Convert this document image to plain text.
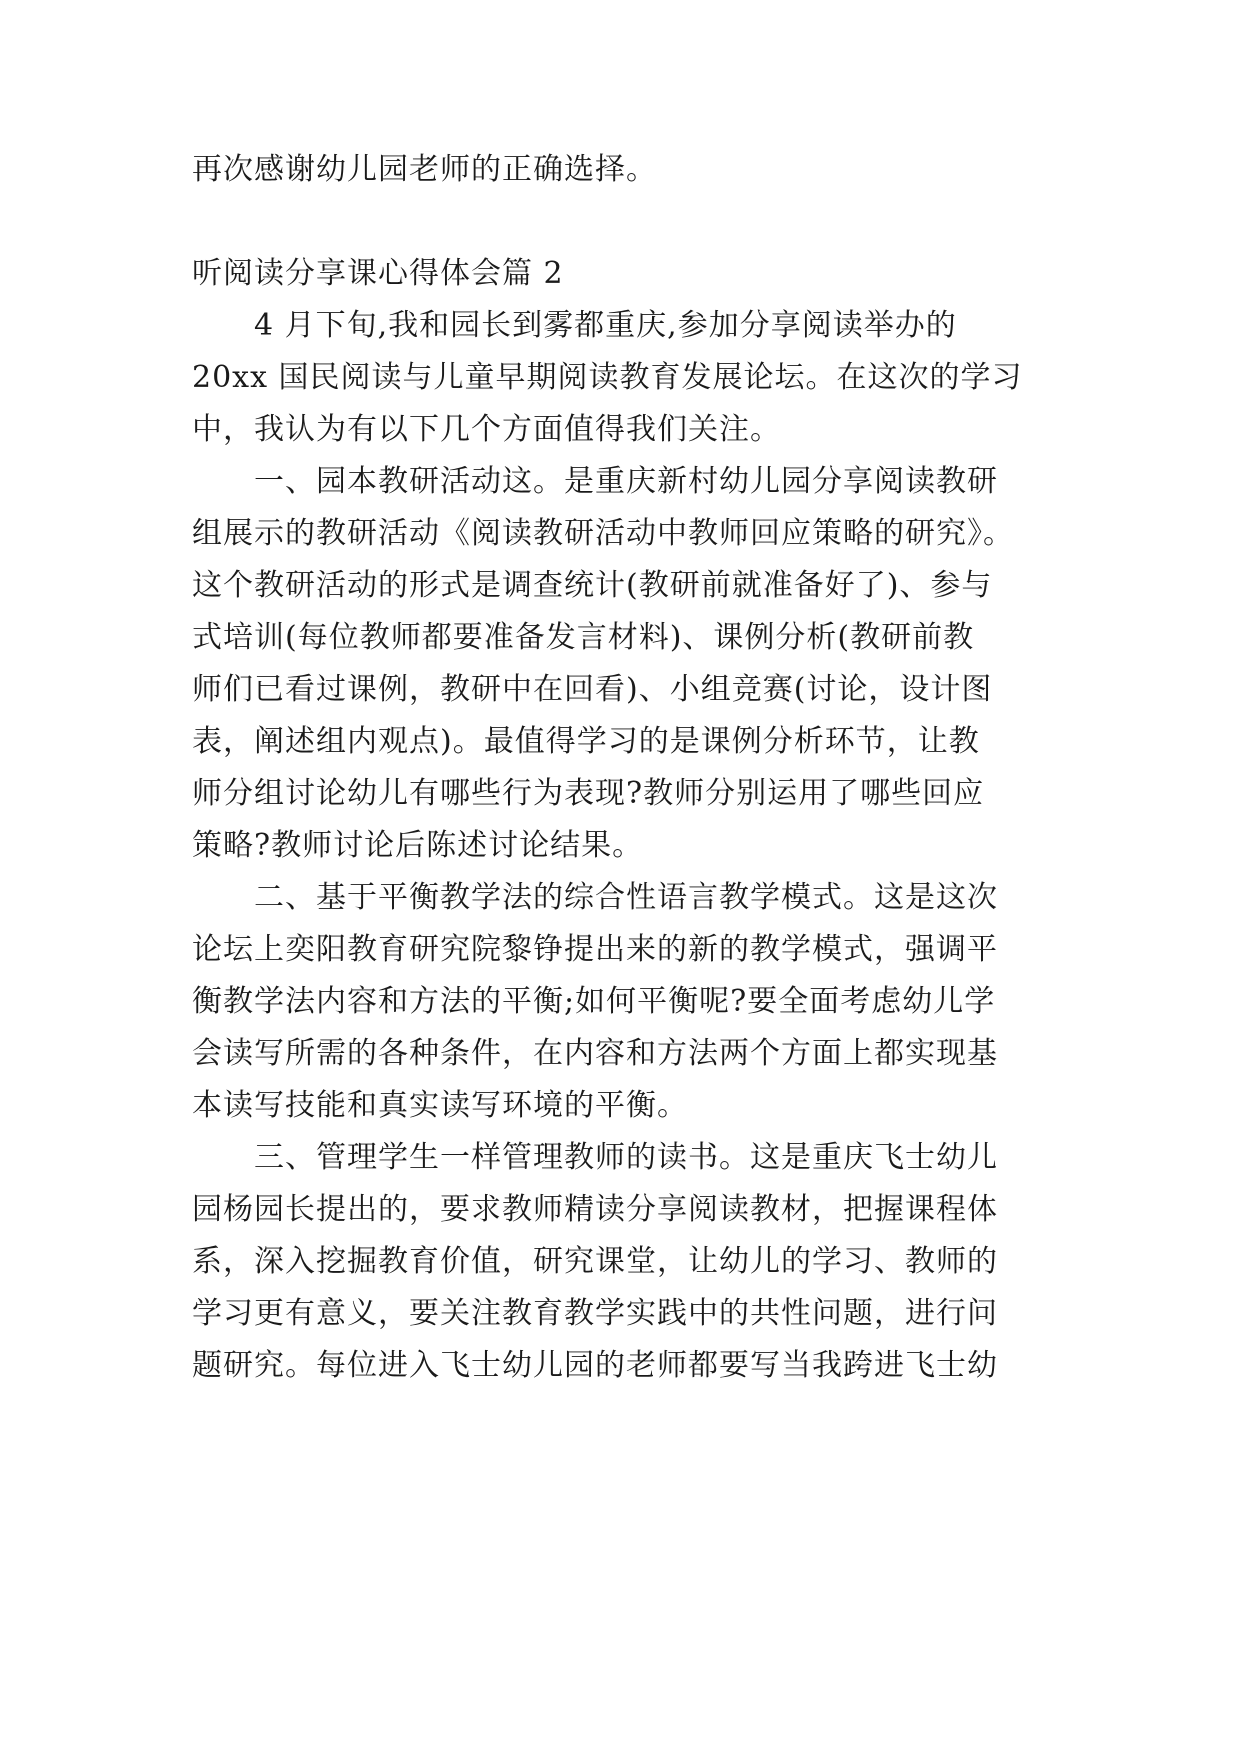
再次感谢幼儿园老师的正确选择。
听阅读分享课心得体会篇 2
　　4 月下旬,我和园长到雾都重庆,参加分享阅读举办的
20xx 国民阅读与儿童早期阅读教育发展论坛。在这次的学习
中，我认为有以下几个方面值得我们关注。
　　一、园本教研活动这。是重庆新村幼儿园分享阅读教研
组展示的教研活动《阅读教研活动中教师回应策略的研究》。
这个教研活动的形式是调查统计(教研前就准备好了)、参与
式培训(每位教师都要准备发言材料)、课例分析(教研前教
师们已看过课例，教研中在回看)、小组竞赛(讨论，设计图
表，阐述组内观点)。最值得学习的是课例分析环节，让教
师分组讨论幼儿有哪些行为表现?教师分别运用了哪些回应
策略?教师讨论后陈述讨论结果。
　　二、基于平衡教学法的综合性语言教学模式。这是这次
论坛上奕阳教育研究院黎铮提出来的新的教学模式，强调平
衡教学法内容和方法的平衡;如何平衡呢?要全面考虑幼儿学
会读写所需的各种条件，在内容和方法两个方面上都实现基
本读写技能和真实读写环境的平衡。
　　三、管理学生一样管理教师的读书。这是重庆飞士幼儿
园杨园长提出的，要求教师精读分享阅读教材，把握课程体
系，深入挖掘教育价值，研究课堂，让幼儿的学习、教师的
学习更有意义，要关注教育教学实践中的共性问题，进行问
题研究。每位进入飞士幼儿园的老师都要写当我跨进飞士幼
